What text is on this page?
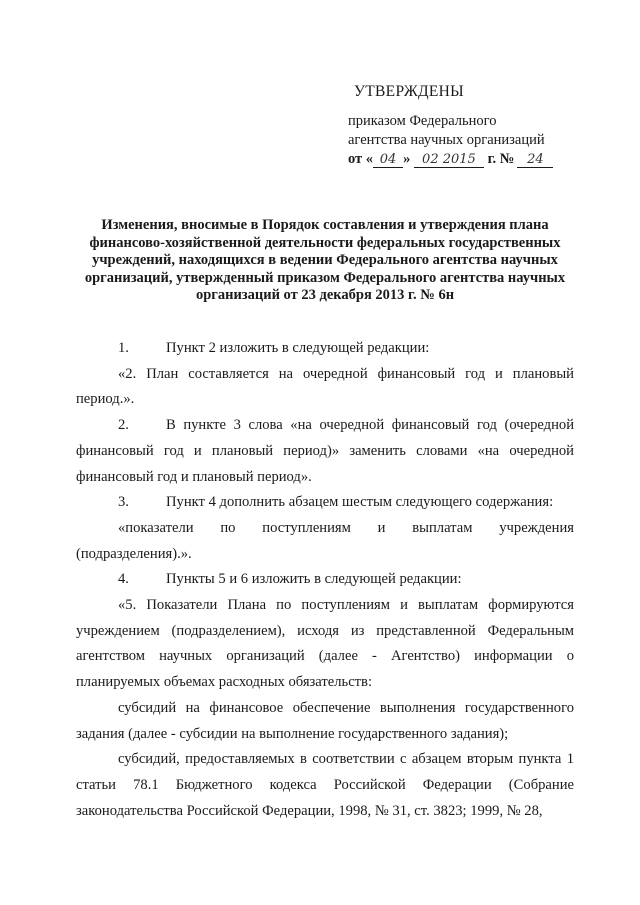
УТВЕРЖДЕНЫ
приказом Федерального
агентства научных организаций
от « 04 » 02 2015 г. № 24
Изменения, вносимые в Порядок составления и утверждения плана финансово-хозяйственной деятельности федеральных государственных учреждений, находящихся в ведении Федерального агентства научных организаций, утвержденный приказом Федерального агентства научных организаций от 23 декабря 2013 г. № 6н

1.	Пункт 2 изложить в следующей редакции:

«2. План составляется на очередной финансовый год и плановый период.».

2.	В пункте 3 слова «на очередной финансовый год (очередной финансовый год и плановый период)» заменить словами «на очередной финансовый год и плановый период».

3.	Пункт 4 дополнить абзацем шестым следующего содержания:

«показатели по поступлениям и выплатам учреждения

(подразделения).».

4.	Пункты 5 и 6 изложить в следующей редакции:

«5. Показатели Плана по поступлениям и выплатам формируются учреждением (подразделением), исходя из представленной Федеральным агентством научных организаций (далее - Агентство) информации о планируемых объемах расходных обязательств:

субсидий на финансовое обеспечение выполнения государственного задания (далее - субсидии на выполнение государственного задания);

субсидий, предоставляемых в соответствии с абзацем вторым пункта 1 статьи 78.1 Бюджетного кодекса Российской Федерации (Собрание законодательства Российской Федерации, 1998, № 31, ст. 3823; 1999, № 28,
